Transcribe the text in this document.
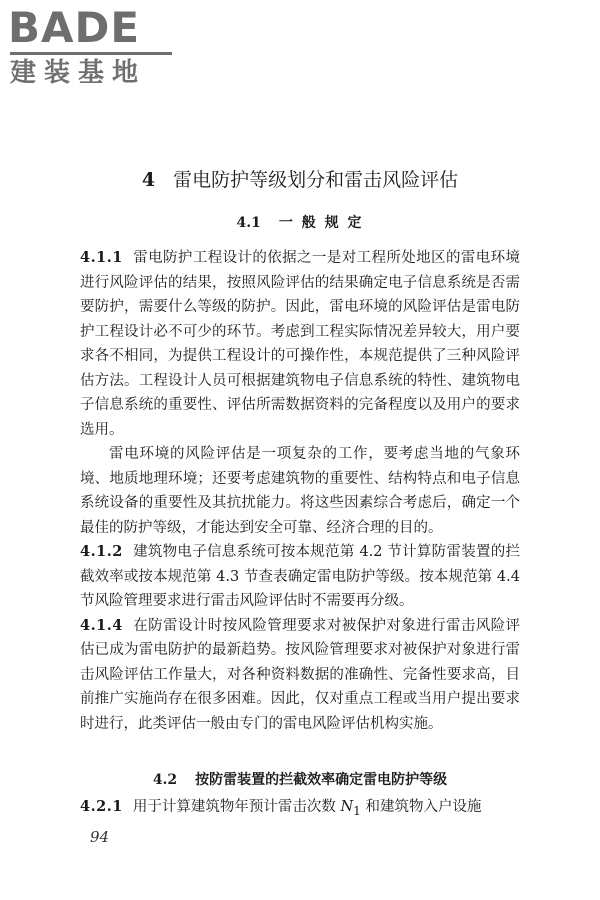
BADE
建装基地
4 雷电防护等级划分和雷击风险评估
4.1 一 般 规 定

4.1.1 雷电防护工程设计的依据之一是对工程所处地区的雷电环境进行风险评估的结果，按照风险评估的结果确定电子信息系统是否需要防护，需要什么等级的防护。因此，雷电环境的风险评估是雷电防护工程设计必不可少的环节。考虑到工程实际情况差异较大，用户要求各不相同，为提供工程设计的可操作性，本规范提供了三种风险评估方法。工程设计人员可根据建筑物电子信息系统的特性、建筑物电子信息系统的重要性、评估所需数据资料的完备程度以及用户的要求选用。

雷电环境的风险评估是一项复杂的工作，要考虑当地的气象环境、地质地理环境；还要考虑建筑物的重要性、结构特点和电子信息系统设备的重要性及其抗扰能力。将这些因素综合考虑后，确定一个最佳的防护等级，才能达到安全可靠、经济合理的目的。

4.1.2 建筑物电子信息系统可按本规范第 4.2 节计算防雷装置的拦截效率或按本规范第 4.3 节查表确定雷电防护等级。按本规范第 4.4 节风险管理要求进行雷击风险评估时不需要再分级。

4.1.4 在防雷设计时按风险管理要求对被保护对象进行雷击风险评估已成为雷电防护的最新趋势。按风险管理要求对被保护对象进行雷击风险评估工作量大，对各种资料数据的准确性、完备性要求高，目前推广实施尚存在很多困难。因此，仅对重点工程或当用户提出要求时进行，此类评估一般由专门的雷电风险评估机构实施。

4.2 按防雷装置的拦截效率确定雷电防护等级
4.2.1 用于计算建筑物年预计雷击次数 $N_1$ 和建筑物入户设施
94
